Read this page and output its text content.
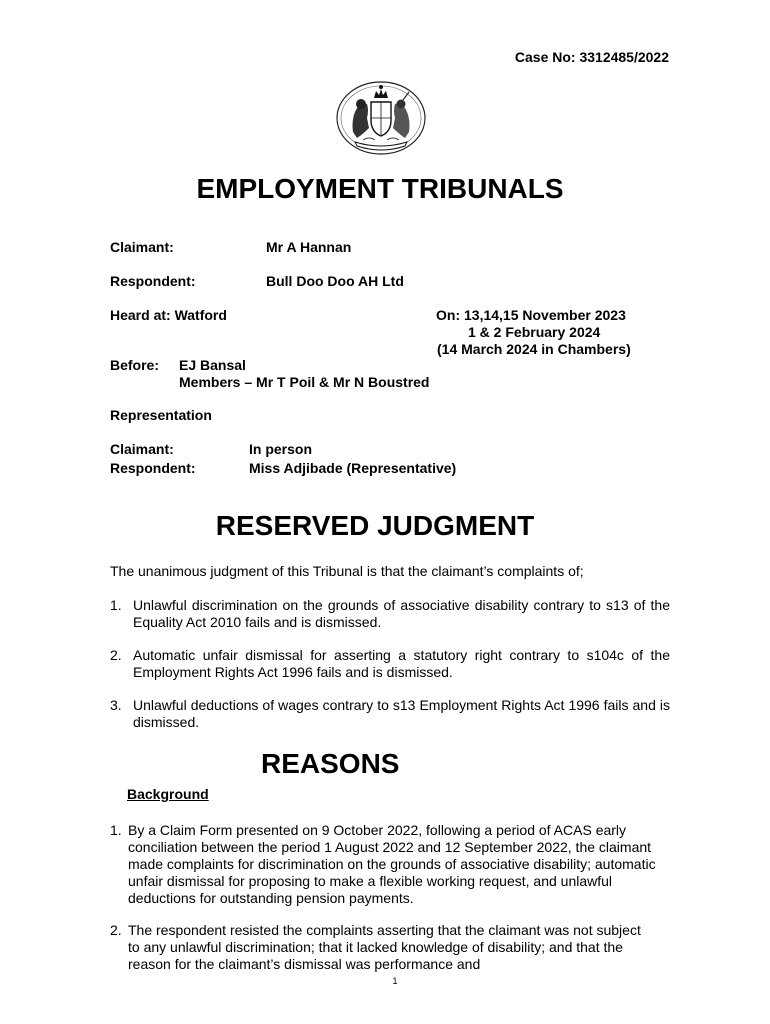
Case No: 3312485/2022
EMPLOYMENT TRIBUNALS
Claimant:	Mr A Hannan
Respondent:	Bull Doo Doo AH Ltd
Heard at: Watford	On: 13,14,15 November 2023
1 & 2 February 2024
(14 March 2024 in Chambers)
Before: EJ Bansal
Members – Mr T Poil & Mr N Boustred
Representation
Claimant:	In person
Respondent:	Miss Adjibade (Representative)
RESERVED JUDGMENT
The unanimous judgment of this Tribunal is that the claimant’s complaints of;
1. Unlawful discrimination on the grounds of associative disability contrary to s13 of the Equality Act 2010 fails and is dismissed.
2. Automatic unfair dismissal for asserting a statutory right contrary to s104c of the Employment Rights Act 1996 fails and is dismissed.
3. Unlawful deductions of wages contrary to s13 Employment Rights Act 1996 fails and is dismissed.
REASONS
Background
1. By a Claim Form presented on 9 October 2022, following a period of ACAS early conciliation between the period 1 August 2022 and 12 September 2022, the claimant made complaints for discrimination on the grounds of associative disability; automatic unfair dismissal for proposing to make a flexible working request, and unlawful deductions for outstanding pension payments.
2. The respondent resisted the complaints asserting that the claimant was not subject to any unlawful discrimination; that it lacked knowledge of disability; and that the reason for the claimant’s dismissal was performance and
1
